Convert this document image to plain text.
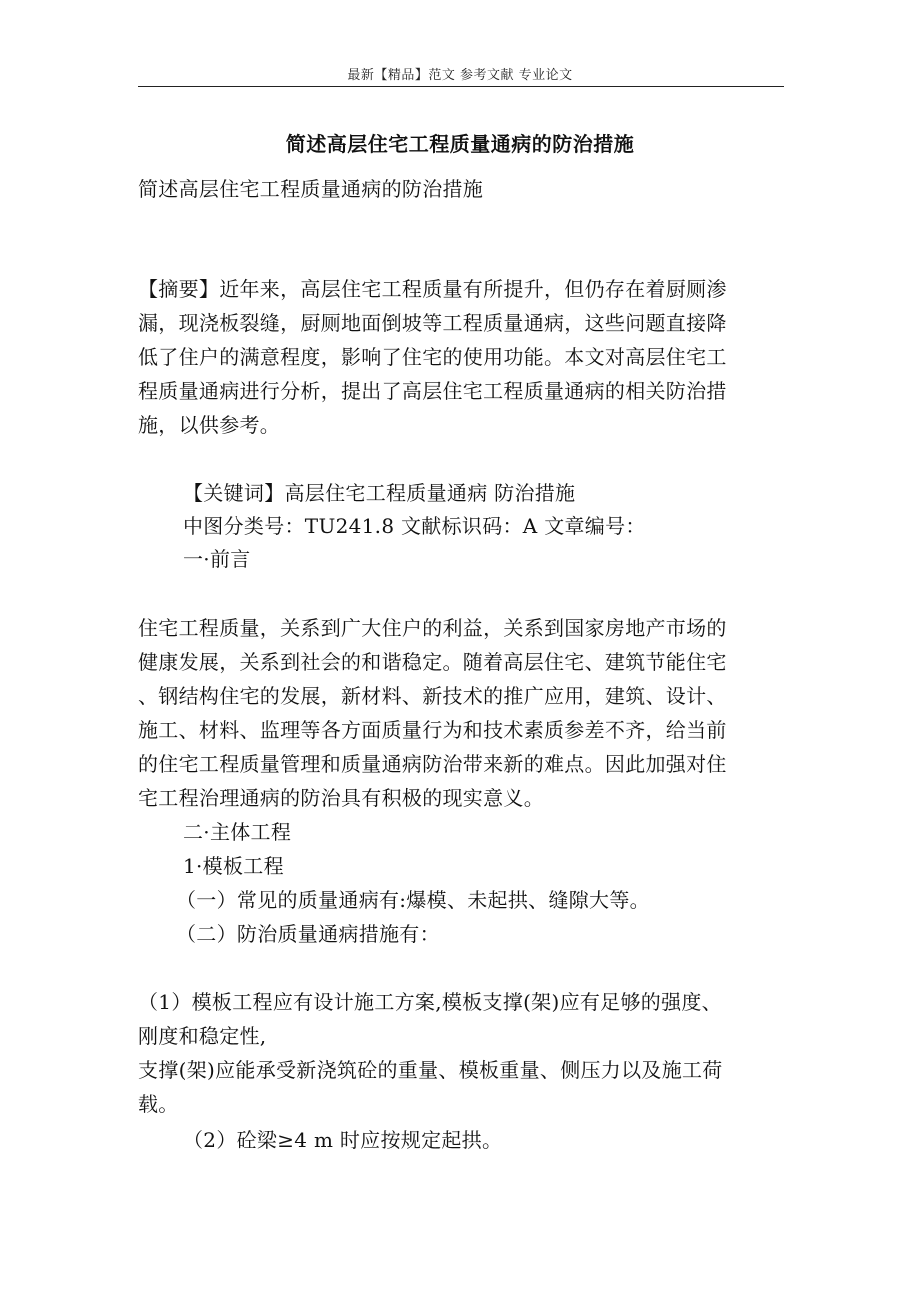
最新【精品】范文 参考文献 专业论文
简述高层住宅工程质量通病的防治措施
简述高层住宅工程质量通病的防治措施
【摘要】近年来，高层住宅工程质量有所提升，但仍存在着厨厕渗
漏，现浇板裂缝，厨厕地面倒坡等工程质量通病，这些问题直接降
低了住户的满意程度，影响了住宅的使用功能。本文对高层住宅工
程质量通病进行分析，提出了高层住宅工程质量通病的相关防治措
施，以供参考。
【关键词】高层住宅工程质量通病 防治措施
中图分类号：TU241.8 文献标识码：A 文章编号：
一·前言
住宅工程质量，关系到广大住户的利益，关系到国家房地产市场的
健康发展，关系到社会的和谐稳定。随着高层住宅、建筑节能住宅
、钢结构住宅的发展，新材料、新技术的推广应用，建筑、设计、
施工、材料、监理等各方面质量行为和技术素质参差不齐，给当前
的住宅工程质量管理和质量通病防治带来新的难点。因此加强对住
宅工程治理通病的防治具有积极的现实意义。
二·主体工程
1·模板工程
（一）常见的质量通病有:爆模、未起拱、缝隙大等。
（二）防治质量通病措施有：
（1）模板工程应有设计施工方案,模板支撑(架)应有足够的强度、
刚度和稳定性,
支撑(架)应能承受新浇筑砼的重量、模板重量、侧压力以及施工荷
载。
（2）砼梁≥4 m 时应按规定起拱。
